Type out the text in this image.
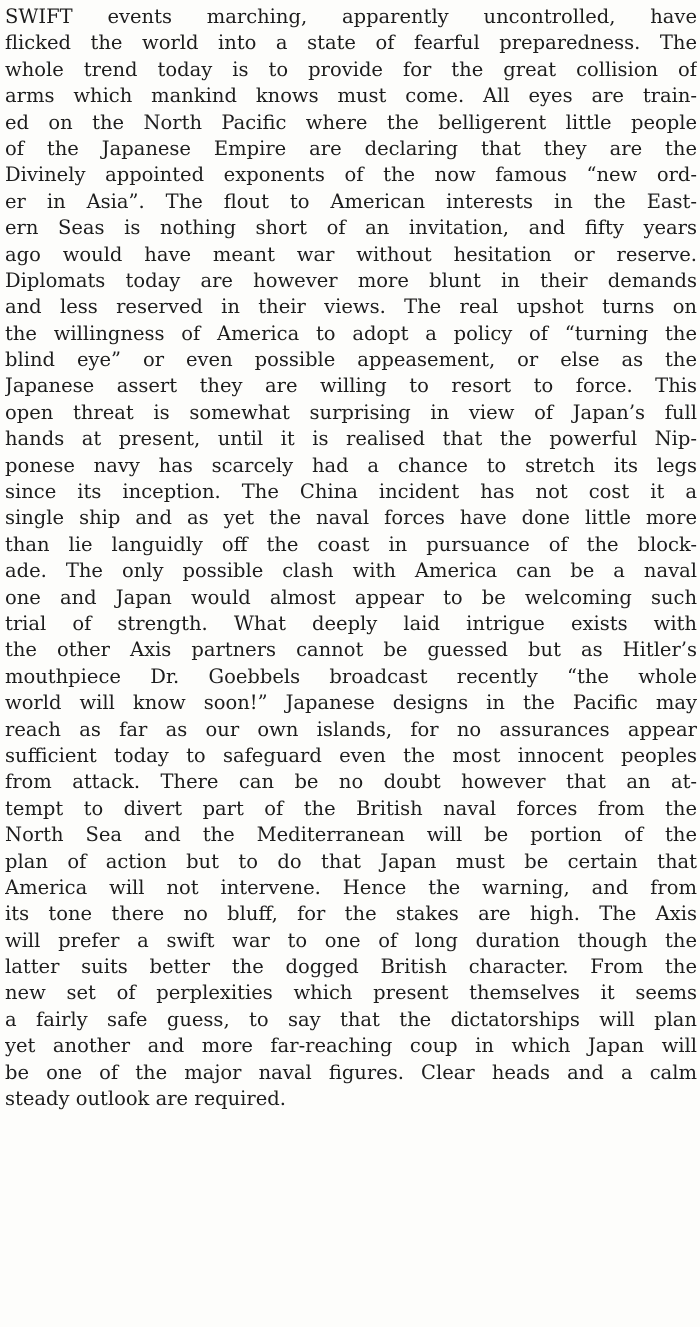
SWIFT events marching, apparently uncontrolled, have
flicked the world into a state of fearful preparedness. The
whole trend today is to provide for the great collision of
arms which mankind knows must come. All eyes are train-
ed on the North Pacific where the belligerent little people
of the Japanese Empire are declaring that they are the
Divinely appointed exponents of the now famous “new ord-
er in Asia”. The flout to American interests in the East-
ern Seas is nothing short of an invitation, and fifty years
ago would have meant war without hesitation or reserve.
Diplomats today are however more blunt in their demands
and less reserved in their views. The real upshot turns on
the willingness of America to adopt a policy of “turning the
blind eye” or even possible appeasement, or else as the
Japanese assert they are willing to resort to force. This
open threat is somewhat surprising in view of Japan’s full
hands at present, until it is realised that the powerful Nip-
ponese navy has scarcely had a chance to stretch its legs
since its inception. The China incident has not cost it a
single ship and as yet the naval forces have done little more
than lie languidly off the coast in pursuance of the block-
ade. The only possible clash with America can be a naval
one and Japan would almost appear to be welcoming such
trial of strength. What deeply laid intrigue exists with
the other Axis partners cannot be guessed but as Hitler’s
mouthpiece Dr. Goebbels broadcast recently “the whole
world will know soon!” Japanese designs in the Pacific may
reach as far as our own islands, for no assurances appear
sufficient today to safeguard even the most innocent peoples
from attack. There can be no doubt however that an at-
tempt to divert part of the British naval forces from the
North Sea and the Mediterranean will be portion of the
plan of action but to do that Japan must be certain that
America will not intervene. Hence the warning, and from
its tone there no bluff, for the stakes are high. The Axis
will prefer a swift war to one of long duration though the
latter suits better the dogged British character. From the
new set of perplexities which present themselves it seems
a fairly safe guess, to say that the dictatorships will plan
yet another and more far-reaching coup in which Japan will
be one of the major naval figures. Clear heads and a calm
steady outlook are required.
